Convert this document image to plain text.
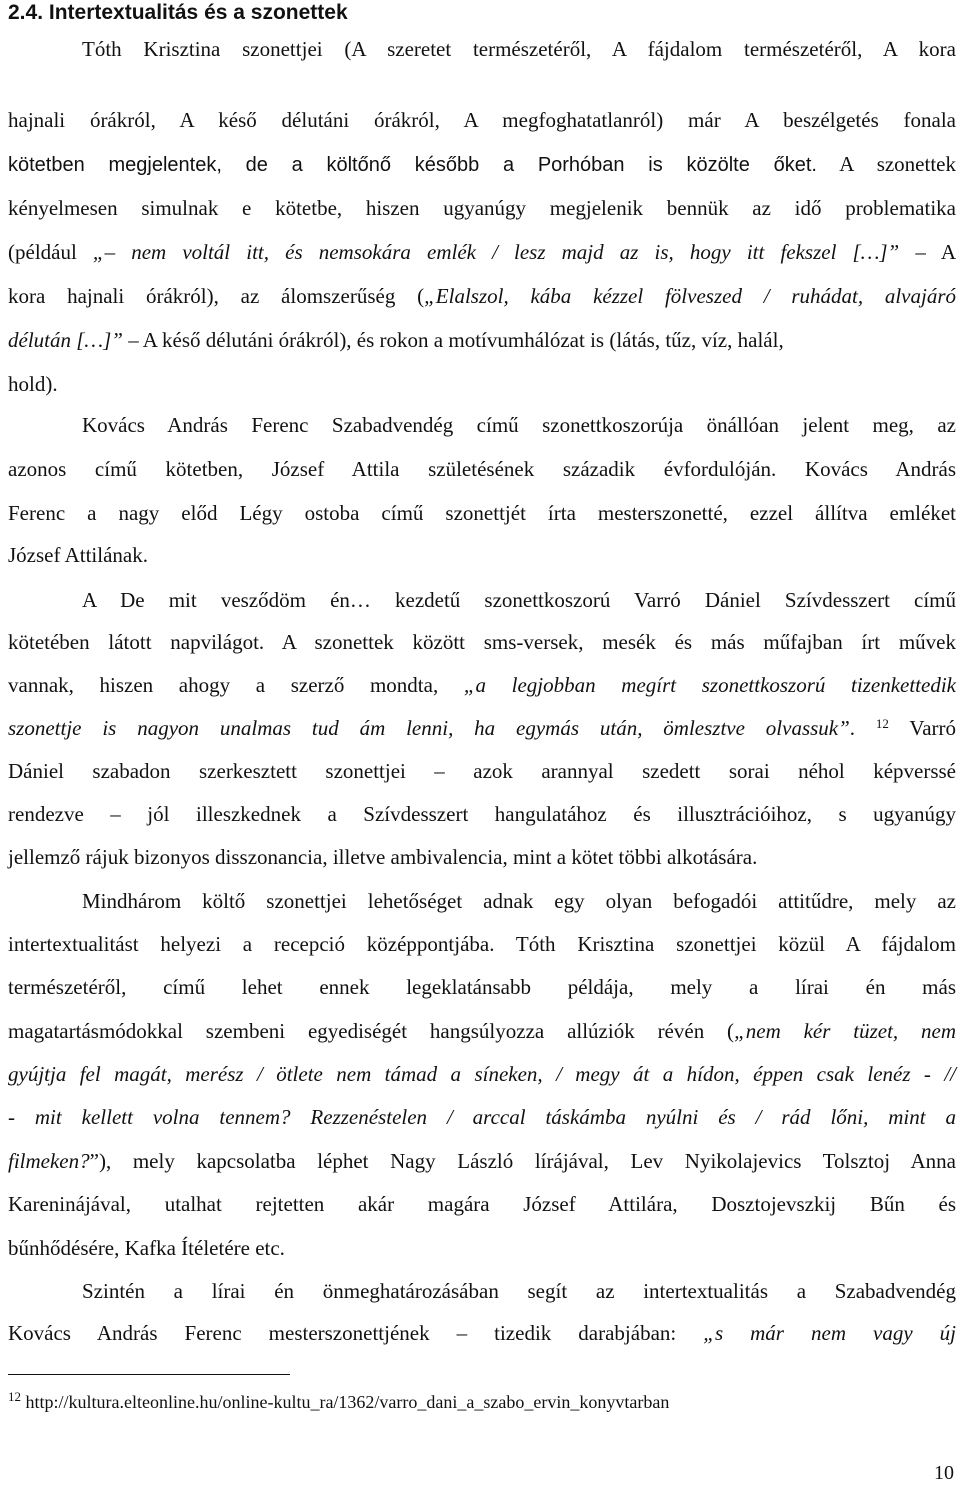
2.4. Intertextualitás és a szonettek
Tóth Krisztina szonettjei (A szeretet természetéről, A fájdalom természetéről, A kora
hajnali órákról, A késő délutáni órákról, A megfoghatatlanról) már A beszélgetés fonala
kötetben megjelentek, de a költőnő később a Porhóban is közölte őket. A szonettek
kényelmesen simulnak e kötetbe, hiszen ugyanúgy megjelenik bennük az idő problematika
(például „– nem voltál itt, és nemsokára emlék / lesz majd az is, hogy itt fekszel […]” – A
kora hajnali órákról), az álomszerűség („Elalszol, kába kézzel fölveszed / ruhádat, alvajáró
délután […]” – A késő délutáni órákról), és rokon a motívumhálózat is (látás, tűz, víz, halál,
hold).
Kovács András Ferenc Szabadvendég című szonettkoszorúja önállóan jelent meg, az
azonos című kötetben, József Attila születésének századik évfordulóján. Kovács András
Ferenc a nagy előd Légy ostoba című szonettjét írta mesterszonetté, ezzel állítva emléket
József Attilának.
A De mit vesződöm én… kezdetű szonettkoszorú Varró Dániel Szívdesszert című
kötetében látott napvilágot. A szonettek között sms-versek, mesék és más műfajban írt művek
vannak, hiszen ahogy a szerző mondta, „a legjobban megírt szonettkoszorú tizenkettedik
szonettje is nagyon unalmas tud ám lenni, ha egymás után, ömlesztve olvassuk”. $^{12}$ Varró
Dániel szabadon szerkesztett szonettjei – azok arannyal szedett sorai néhol képverssé
rendezve – jól illeszkednek a Szívdesszert hangulatához és illusztrációihoz, s ugyanúgy
jellemző rájuk bizonyos disszonancia, illetve ambivalencia, mint a kötet többi alkotására.
Mindhárom költő szonettjei lehetőséget adnak egy olyan befogadói attitűdre, mely az
intertextualitást helyezi a recepció középpontjába. Tóth Krisztina szonettjei közül A fájdalom
természetéről, című lehet ennek legeklatánsabb példája, mely a lírai én más
magatartásmódokkal szembeni egyediségét hangsúlyozza allúziók révén („nem kér tüzet, nem
gyújtja fel magát, merész / ötlete nem támad a síneken, / megy át a hídon, éppen csak lenéz - //
- mit kellett volna tennem? Rezzenéstelen / arccal táskámba nyúlni és / rád lőni, mint a
filmeken?”), mely kapcsolatba léphet Nagy László lírájával, Lev Nyikolajevics Tolsztoj Anna
Kareninájával, utalhat rejtetten akár magára József Attilára, Dosztojevszkij Bűn és
bűnhődésére, Kafka Ítéletére etc.
Szintén a lírai én önmeghatározásában segít az intertextualitás a Szabadvendég
Kovács András Ferenc mesterszonettjének – tizedik darabjában: „s már nem vagy új
$^{12}$ http://kultura.elteonline.hu/online-kultu_ra/1362/varro_dani_a_szabo_ervin_konyvtarban
10
